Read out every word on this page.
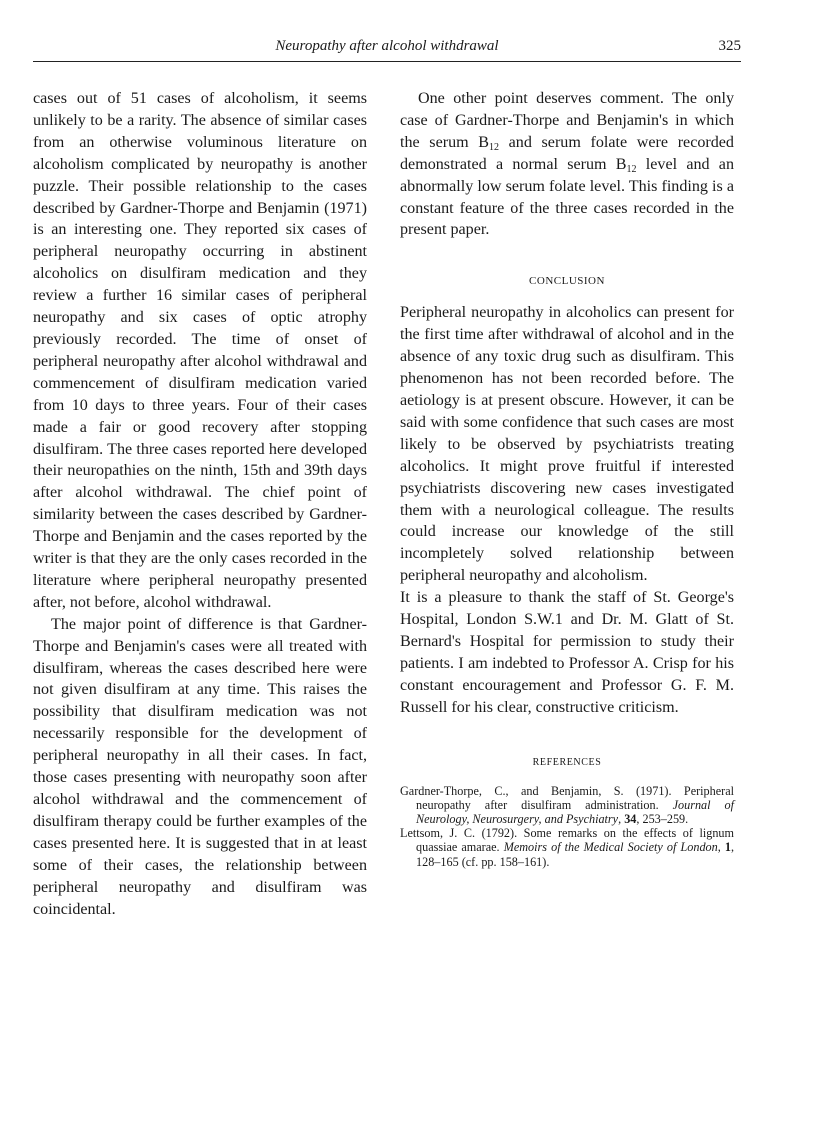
Neuropathy after alcohol withdrawal	325

cases out of 51 cases of alcoholism, it seems unlikely to be a rarity. The absence of similar cases from an otherwise voluminous literature on alcoholism complicated by neuropathy is another puzzle. Their possible relationship to the cases described by Gardner-Thorpe and Benjamin (1971) is an interesting one. They reported six cases of peripheral neuropathy occurring in abstinent alcoholics on disulfiram medication and they review a further 16 similar cases of peripheral neuropathy and six cases of optic atrophy previously recorded. The time of onset of peripheral neuropathy after alcohol withdrawal and commencement of disulfiram medication varied from 10 days to three years. Four of their cases made a fair or good recovery after stopping disulfiram. The three cases reported here developed their neuropathies on the ninth, 15th and 39th days after alcohol withdrawal. The chief point of similarity between the cases described by Gardner-Thorpe and Benjamin and the cases reported by the writer is that they are the only cases recorded in the literature where peripheral neuropathy presented after, not before, alcohol withdrawal.

The major point of difference is that Gardner-Thorpe and Benjamin's cases were all treated with disulfiram, whereas the cases described here were not given disulfiram at any time. This raises the possibility that disulfiram medication was not necessarily responsible for the development of peripheral neuropathy in all their cases. In fact, those cases presenting with neuropathy soon after alcohol withdrawal and the commencement of disulfiram therapy could be further examples of the cases presented here. It is suggested that in at least some of their cases, the relationship between peripheral neuropathy and disulfiram was coincidental.

One other point deserves comment. The only case of Gardner-Thorpe and Benjamin's in which the serum $B_{12}$ and serum folate were recorded demonstrated a normal serum $B_{12}$ level and an abnormally low serum folate level. This finding is a constant feature of the three cases recorded in the present paper.

CONCLUSION

Peripheral neuropathy in alcoholics can present for the first time after withdrawal of alcohol and in the absence of any toxic drug such as disulfiram. This phenomenon has not been recorded before. The aetiology is at present obscure. However, it can be said with some confidence that such cases are most likely to be observed by psychiatrists treating alcoholics. It might prove fruitful if interested psychiatrists discovering new cases investigated them with a neurological colleague. The results could increase our knowledge of the still incompletely solved relationship between peripheral neuropathy and alcoholism.

It is a pleasure to thank the staff of St. George's Hospital, London S.W.1 and Dr. M. Glatt of St. Bernard's Hospital for permission to study their patients. I am indebted to Professor A. Crisp for his constant encouragement and Professor G. F. M. Russell for his clear, constructive criticism.

REFERENCES

Gardner-Thorpe, C., and Benjamin, S. (1971). Peripheral neuropathy after disulfiram administration. Journal of Neurology, Neurosurgery, and Psychiatry, 34, 253–259.

Lettsom, J. C. (1792). Some remarks on the effects of lignum quassiae amarae. Memoirs of the Medical Society of London, 1, 128–165 (cf. pp. 158–161).
